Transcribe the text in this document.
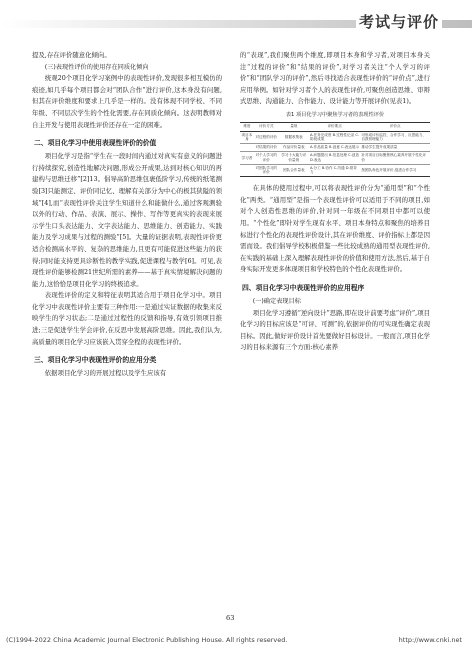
考试与评价

提及,存在评价随意化倾向。

(三)表现性评价的使用存在同质化倾向

统观20个项目化学习案例中的表现性评价,发现很多相互模仿的痕迹,如几乎每个项目都会对“团队合作”进行评价,这本身没有问题,但其在评价维度和要求上几乎是一样的。没有体现不同学校、不同年级、不同层次学生的个性化需要,存在同质化倾向。这表明教师对自主开发与使用表现性评价还存在一定的困难。

二、项目化学习中使用表现性评价的价值

项目化学习是指“学生在一段时间内通过对真实有意义的问题进行持续探究,创造性地解决问题,形成公开成果,达到对核心知识的再建构与思维迁移”[2]13。倡导高阶思维包裹低阶学习,传统的纸笔测验[3]只能测定、评价同记忆、理解有关部分为中心的极其狭隘的领域”[4],而“表现性评价关注学生知道什么和能做什么,通过客观测验以外的行动、作品、表演、展示、操作、写作等更真实的表现来展示学生口头表达能力、文字表达能力、思维能力、创造能力、实践能力及学习成果与过程的测验”[5]。大量的证据表明,表现性评价更适合检测高水平的、复杂的思维能力,且更有可能促进这些能力的获得;同时能支持更具诊断性的教学实践,促进课程与教学[6]。可见,表现性评价能够检测21世纪所需的素养——基于真实情境解决问题的能力,这恰恰是项目化学习的终极追求。

表现性评价的定义和特征表明其适合用于项目化学习中。项目化学习中表现性评价主要有三种作用:一是通过实证数据的收集来反映学生的学习状态;二是通过过程性的反馈和指导,有效引领项目推进;三是促进学生学会评价,在反思中发展高阶思维。因此,我们认为,高质量的项目化学习应该嵌入贯穿全程的表现性评价。

三、项目化学习中表现性评价的应用分类

依据项目化学习的开展过程以及学生应该有

的“表现”,我们聚焦两个维度,即项目本身和学习者,对项目本身关注“过程的评价”和“结果的评价”,对学习者关注“个人学习的评价”和“团队学习的评价”,然后寻找适合表现性评价的“评价点”,进行应用举例。如针对学习者个人的表现性评价,可聚焦创造思维、审辩式思维、沟通能力、合作能力、设计能力等开展评价(见表1)。

表1 项目化学习中聚焦学习者的表现性评价
维度	评价方式	量规	评价要点	评价点
项目本身	对过程的评价	数据收集表	A.任务完成度 B.过程性记录 C.阶段成果	可形成评价监控、合作学习、反思能力、自我管理能力
	对结果的评价	作品评价量表	A.作品质量 B.创意 C.表达展示	推动学生提升成果质量
学习者	对个人学习的评价	学习十大能力评价量规	A.问题提出 B.信息处理 C.创造 D.表达	针对项目目标聚焦核心素养开展个性化评价
	对团队学习的评价	团队合作量表	A.分工 B.协作 C.沟通 D.领导力	按团队角色开展评价,促进合作学习

在具体的使用过程中,可以将表现性评价分为“通用型”和“个性化”两类。“通用型”是指一个表现性评价可以适用于不同的项目,如对个人创造性思维的评价,针对同一年级在不同项目中都可以使用。“个性化”即针对学生现有水平、项目本身特点和聚焦的培养目标进行个性化的表现性评价设计,其在评价维度、评价指标上都是因需而设。我们倡导学校积极借鉴一些比较成熟的通用型表现性评价,在实践的基础上深入理解表现性评价的价值和使用方法,然后,基于自身实际开发更多体现项目和学校特色的个性化表现性评价。

四、项目化学习中表现性评价的应用程序
(一)确定表现目标

项目化学习遵循“逆向设计”思路,即在设计前要考虑“评价”,项目化学习的目标应该是“可评、可测”的,依据评价的可实现性确定表现目标。因此,做好评价设计首先要做好目标设计。一般而言,项目化学习的目标来源有三个方面:核心素养

63
(C)1994-2022 China Academic Journal Electronic Publishing House. All rights reserved.	http://www.cnki.net
